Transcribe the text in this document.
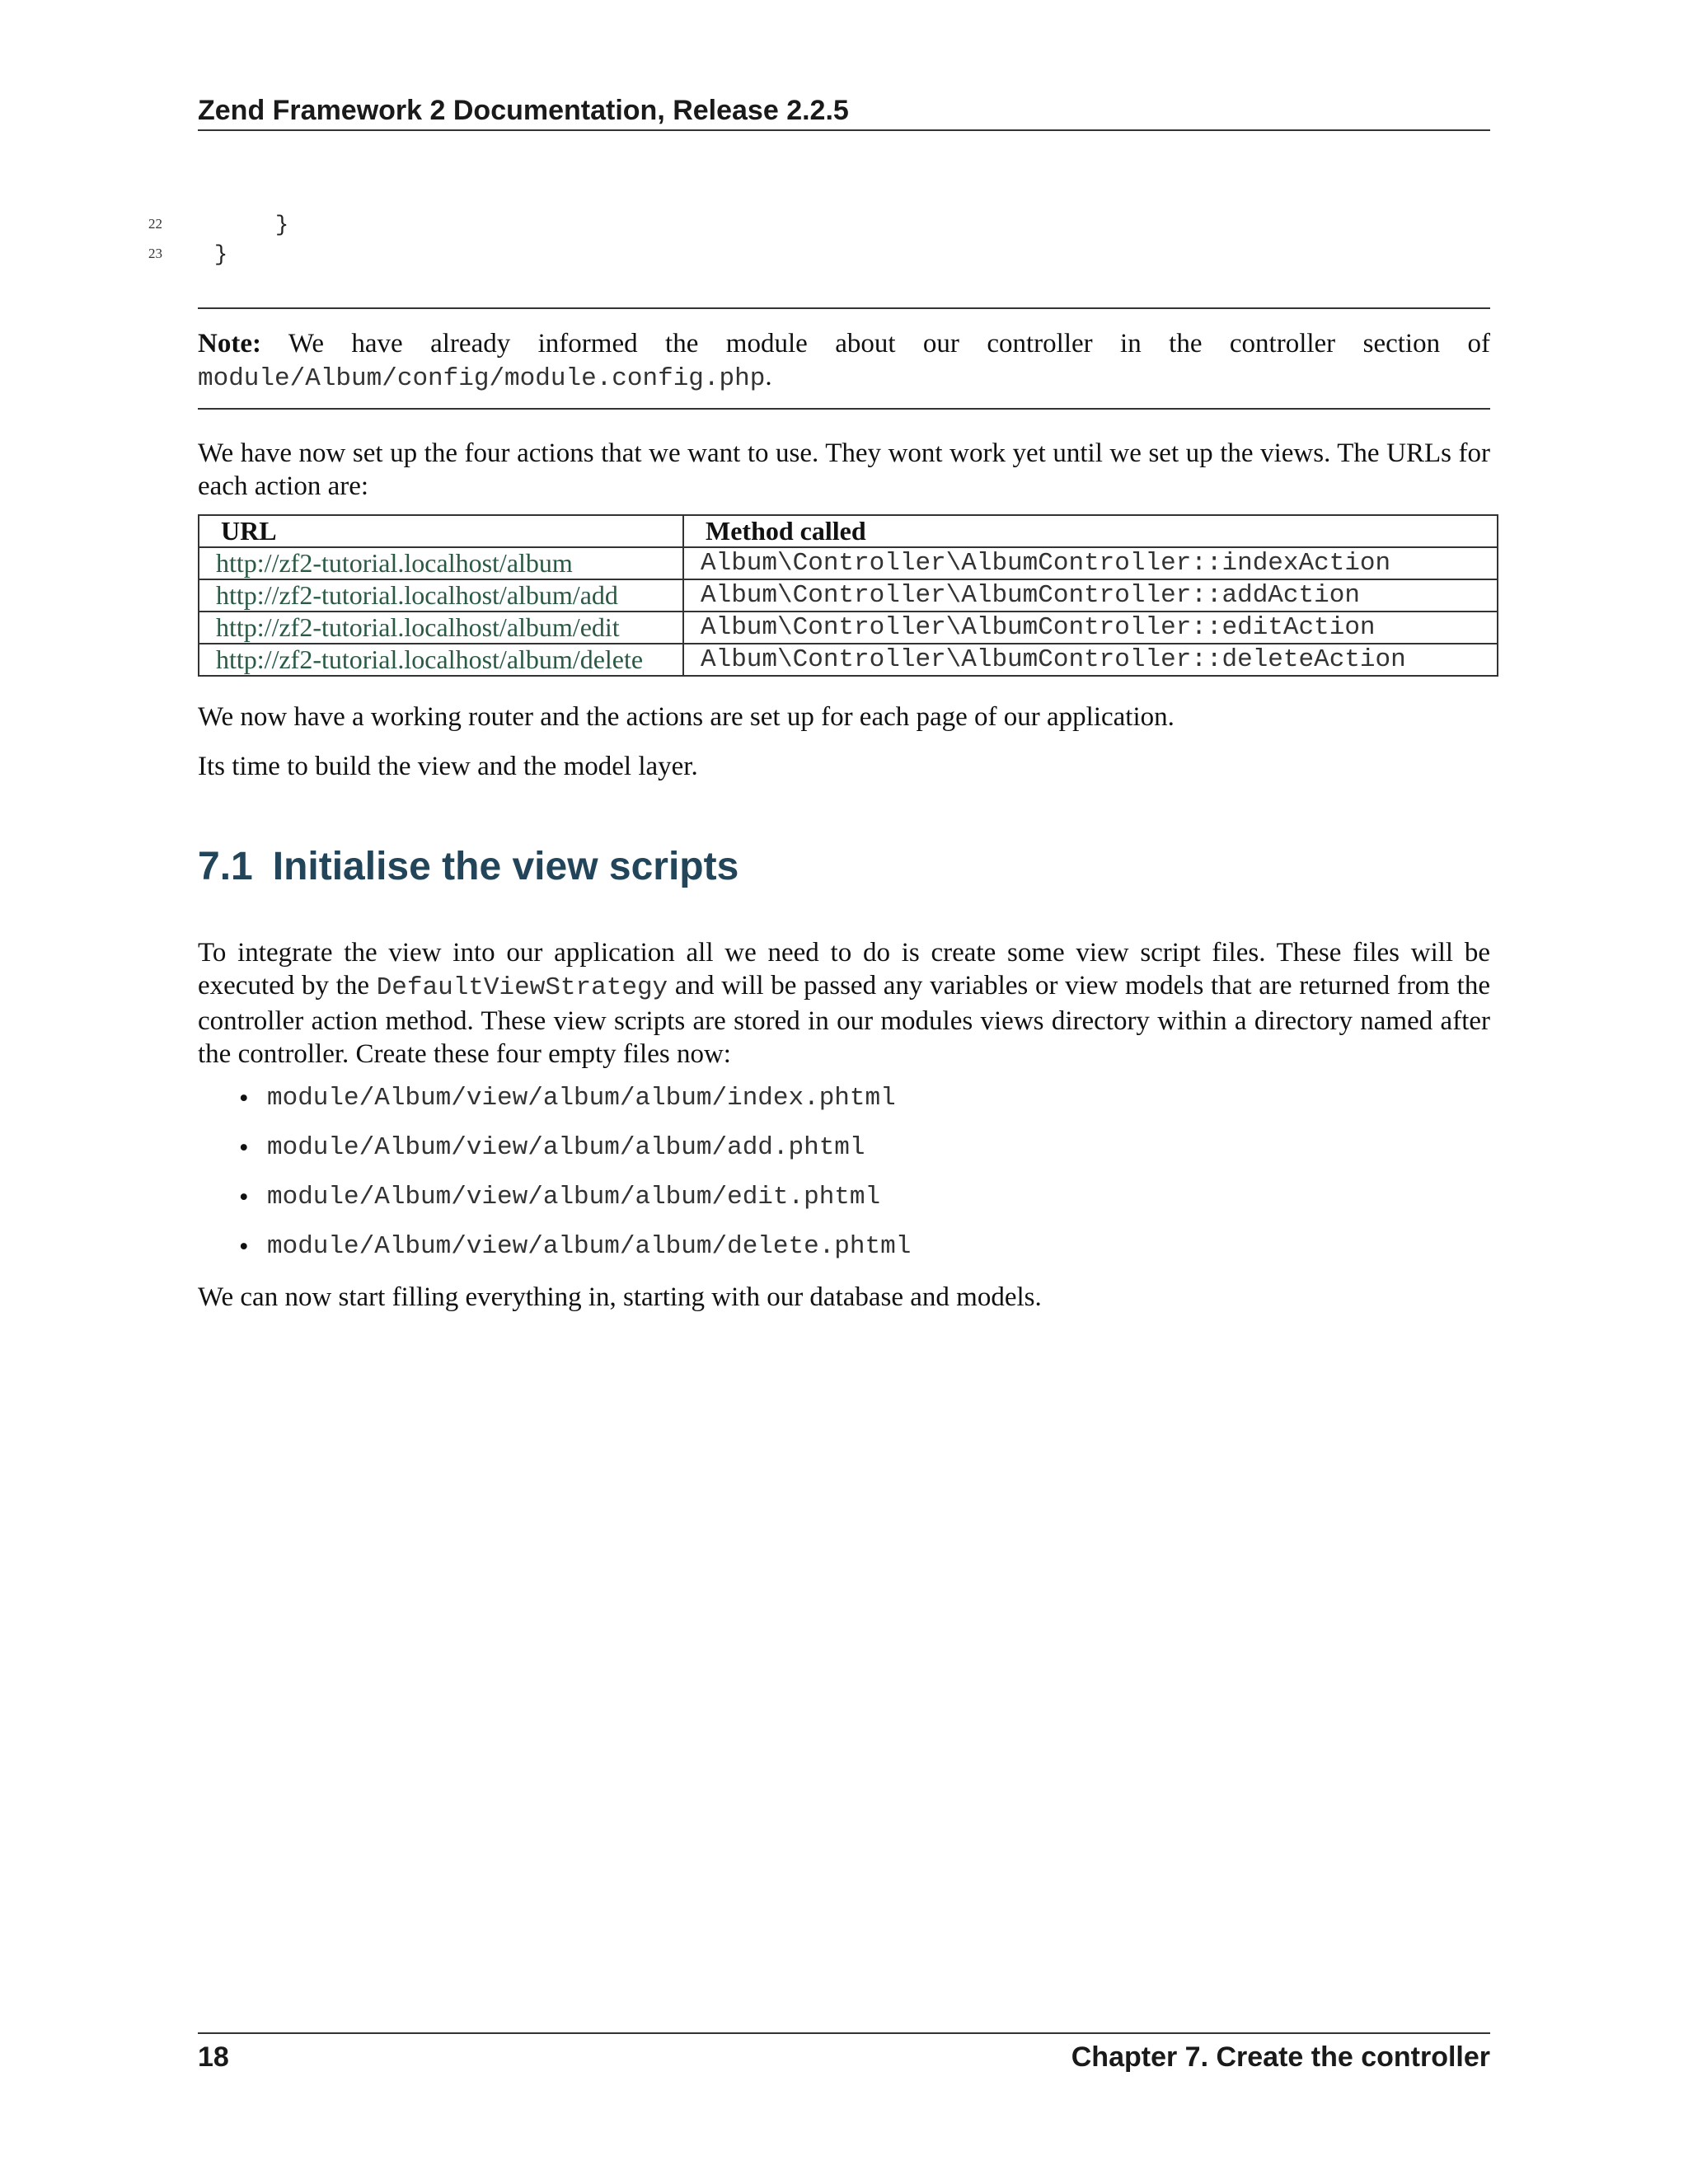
Zend Framework 2 Documentation, Release 2.2.5
22	}
23 }
Note: We have already informed the module about our controller in the controller section of
module/Album/config/module.config.php.

We have now set up the four actions that we want to use. They wont work yet until we set up the views. The URLs for each action are:

URL	Method called
http://zf2-tutorial.localhost/album	Album\Controller\AlbumController::indexAction
http://zf2-tutorial.localhost/album/add	Album\Controller\AlbumController::addAction
http://zf2-tutorial.localhost/album/edit	Album\Controller\AlbumController::editAction
http://zf2-tutorial.localhost/album/delete	Album\Controller\AlbumController::deleteAction

We now have a working router and the actions are set up for each page of our application.

Its time to build the view and the model layer.

7.1 Initialise the view scripts

To integrate the view into our application all we need to do is create some view script files. These files will be executed by the DefaultViewStrategy and will be passed any variables or view models that are returned from the controller action method. These view scripts are stored in our modules views directory within a directory named after the controller. Create these four empty files now:

• module/Album/view/album/album/index.phtml
• module/Album/view/album/album/add.phtml
• module/Album/view/album/album/edit.phtml
• module/Album/view/album/album/delete.phtml

We can now start filling everything in, starting with our database and models.

18	Chapter 7. Create the controller
